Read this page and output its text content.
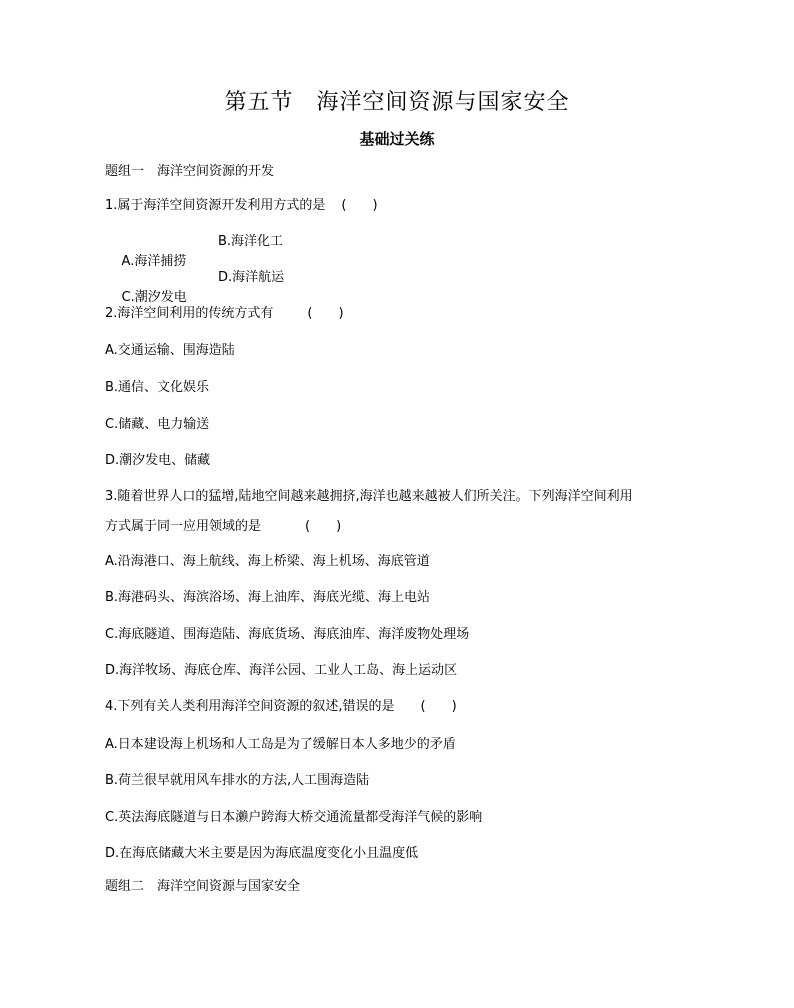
第五节　海洋空间资源与国家安全
基础过关练
题组一　海洋空间资源的开发
1.属于海洋空间资源开发利用方式的是 (　　)

A.海洋捕捞

B.海洋化工

C.潮汐发电

D.海洋航运

2.海洋空间利用的传统方式有	(　　)
A.交通运输、围海造陆
B.通信、文化娱乐
C.储藏、电力输送
D.潮汐发电、储藏
3.随着世界人口的猛增,陆地空间越来越拥挤,海洋也越来越被人们所关注。下列海洋空间利用
方式属于同一应用领域的是	(　　)
A.沿海港口、海上航线、海上桥梁、海上机场、海底管道
B.海港码头、海滨浴场、海上油库、海底光缆、海上电站
C.海底隧道、围海造陆、海底货场、海底油库、海洋废物处理场
D.海洋牧场、海底仓库、海洋公园、工业人工岛、海上运动区
4.下列有关人类利用海洋空间资源的叙述,错误的是 (　　)
A.日本建设海上机场和人工岛是为了缓解日本人多地少的矛盾
B.荷兰很早就用风车排水的方法,人工围海造陆
C.英法海底隧道与日本濑户跨海大桥交通流量都受海洋气候的影响
D.在海底储藏大米主要是因为海底温度变化小且温度低
题组二　海洋空间资源与国家安全
